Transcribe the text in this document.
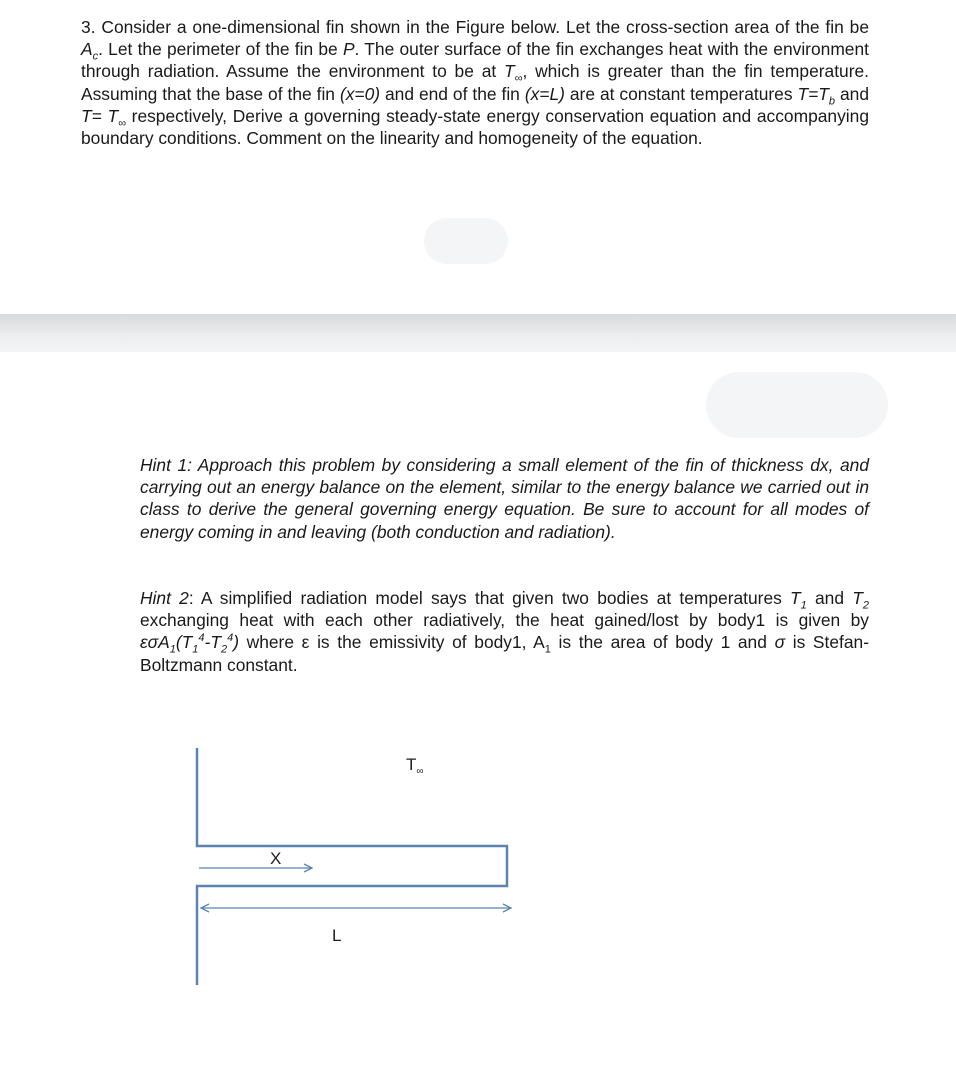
3. Consider a one-dimensional fin shown in the Figure below. Let the cross-section area of the fin be $A_c$. Let the perimeter of the fin be P. The outer surface of the fin exchanges heat with the environment through radiation. Assume the environment to be at $T_\infty$, which is greater than the fin temperature. Assuming that the base of the fin (x=0) and end of the fin (x=L) are at constant temperatures $T=T_b$ and $T= T_\infty$ respectively, Derive a governing steady-state energy conservation equation and accompanying boundary conditions. Comment on the linearity and homogeneity of the equation.
Hint 1: Approach this problem by considering a small element of the fin of thickness dx, and carrying out an energy balance on the element, similar to the energy balance we carried out in class to derive the general governing energy equation. Be sure to account for all modes of energy coming in and leaving (both conduction and radiation).
Hint 2: A simplified radiation model says that given two bodies at temperatures $T_1$ and $T_2$ exchanging heat with each other radiatively, the heat gained/lost by body1 is given by $\varepsilon\sigma A_1(T_1^4-T_2^4)$ where ε is the emissivity of body1, $A_1$ is the area of body 1 and σ is Stefan-Boltzmann constant.
$T_\infty$
X
L
